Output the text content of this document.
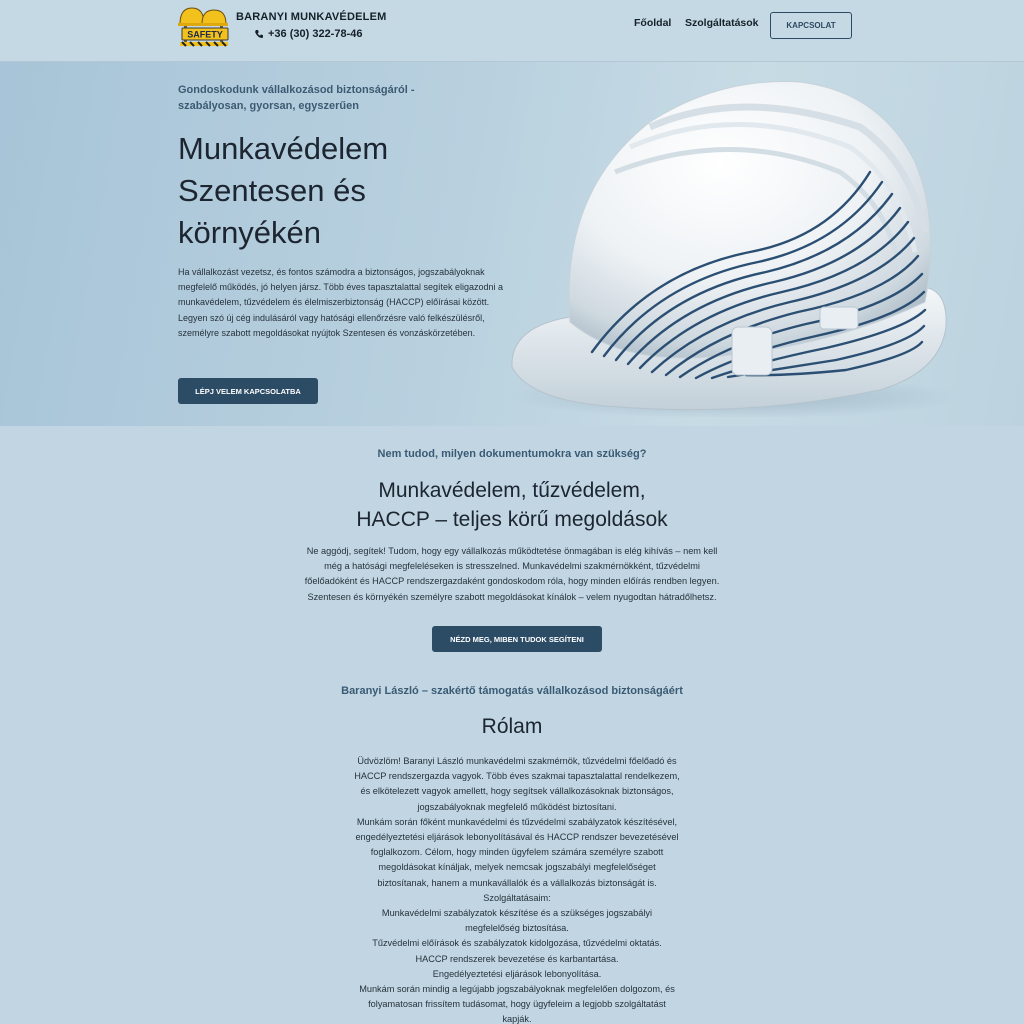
SAFETY
BARANYI MUNKAVÉDELEM
+36 (30) 322-78-46
Főoldal Szolgáltatások	KAPCSOLAT
Gondoskodunk vállalkozásod biztonságáról - szabályosan, gyorsan, egyszerűen
Munkavédelem
Szentesen és
környékén
Ha vállalkozást vezetsz, és fontos számodra a biztonságos, jogszabályoknak megfelelő működés, jó helyen jársz. Több éves tapasztalattal segítek eligazodni a munkavédelem, tűzvédelem és élelmiszerbiztonság (HACCP) előírásai között. Legyen szó új cég indulásáról vagy hatósági ellenőrzésre való felkészülésről, személyre szabott megoldásokat nyújtok Szentesen és vonzáskörzetében.
LÉPJ VELEM KAPCSOLATBA
Nem tudod, milyen dokumentumokra van szükség?
Munkavédelem, tűzvédelem,
HACCP – teljes körű megoldások
Ne aggódj, segítek! Tudom, hogy egy vállalkozás működtetése önmagában is elég kihívás – nem kell
még a hatósági megfeleléseken is stresszelned. Munkavédelmi szakmérnökként, tűzvédelmi
főelőadóként és HACCP rendszergazdaként gondoskodom róla, hogy minden előírás rendben legyen.
Szentesen és környékén személyre szabott megoldásokat kínálok – velem nyugodtan hátradőlhetsz.
NÉZD MEG, MIBEN TUDOK SEGÍTENI
Baranyi László – szakértő támogatás vállalkozásod biztonságáért
Rólam
Üdvözlöm! Baranyi László munkavédelmi szakmérnök, tűzvédelmi főelőadó és
HACCP rendszergazda vagyok. Több éves szakmai tapasztalattal rendelkezem,
és elkötelezett vagyok amellett, hogy segítsek vállalkozásoknak biztonságos,
jogszabályoknak megfelelő működést biztosítani.
Munkám során főként munkavédelmi és tűzvédelmi szabályzatok készítésével,
engedélyeztetési eljárások lebonyolításával és HACCP rendszer bevezetésével
foglalkozom. Célom, hogy minden ügyfelem számára személyre szabott
megoldásokat kínáljak, melyek nemcsak jogszabályi megfelelőséget
biztosítanak, hanem a munkavállalók és a vállalkozás biztonságát is.
Szolgáltatásaim:
Munkavédelmi szabályzatok készítése és a szükséges jogszabályi
megfelelőség biztosítása.
Tűzvédelmi előírások és szabályzatok kidolgozása, tűzvédelmi oktatás.
HACCP rendszerek bevezetése és karbantartása.
Engedélyeztetési eljárások lebonyolítása.
Munkám során mindig a legújabb jogszabályoknak megfelelően dolgozom, és
folyamatosan frissítem tudásomat, hogy ügyfeleim a legjobb szolgáltatást
kapják.
